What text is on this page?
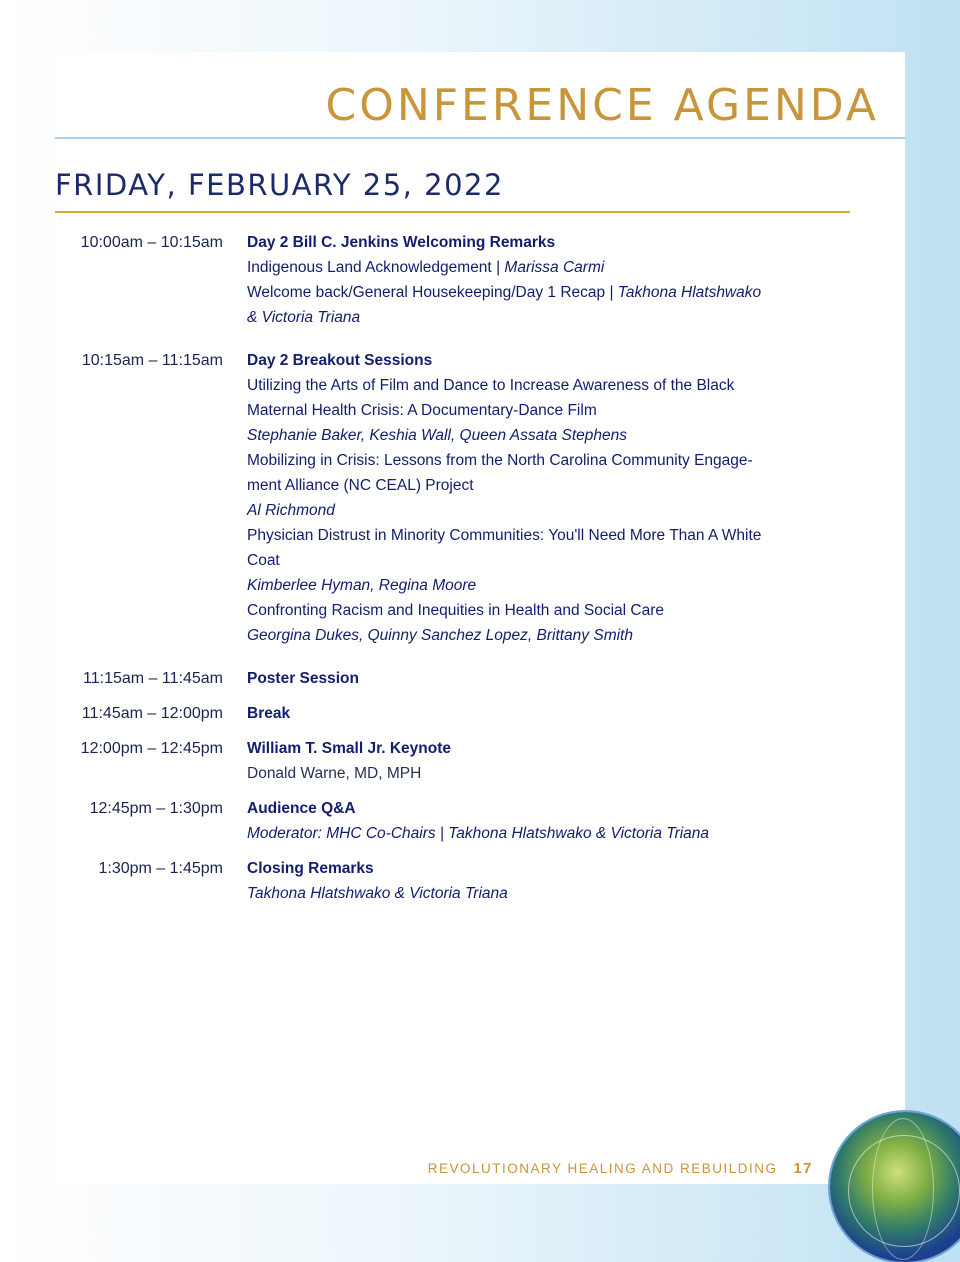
CONFERENCE AGENDA
FRIDAY, FEBRUARY 25, 2022
10:00am – 10:15am Day 2 Bill C. Jenkins Welcoming Remarks

Indigenous Land Acknowledgement | Marissa Carmi

Welcome back/General Housekeeping/Day 1 Recap | Takhona Hlatshwako

& Victoria Triana

10:15am – 11:15am Day 2 Breakout Sessions

Utilizing the Arts of Film and Dance to Increase Awareness of the Black

Maternal Health Crisis: A Documentary-Dance Film

Stephanie Baker, Keshia Wall, Queen Assata Stephens

Mobilizing in Crisis: Lessons from the North Carolina Community Engage-

ment Alliance (NC CEAL) Project

Al Richmond

Physician Distrust in Minority Communities: You'll Need More Than A White

Coat

Kimberlee Hyman, Regina Moore

Confronting Racism and Inequities in Health and Social Care

Georgina Dukes, Quinny Sanchez Lopez, Brittany Smith

11:15am – 11:45am Poster Session

11:45am – 12:00pm Break

12:00pm – 12:45pm William T. Small Jr. Keynote

Donald Warne, MD, MPH

12:45pm – 1:30pm Audience Q&A

Moderator: MHC Co-Chairs | Takhona Hlatshwako & Victoria Triana

1:30pm – 1:45pm Closing Remarks

Takhona Hlatshwako & Victoria Triana

REVOLUTIONARY HEALING AND REBUILDING 17
